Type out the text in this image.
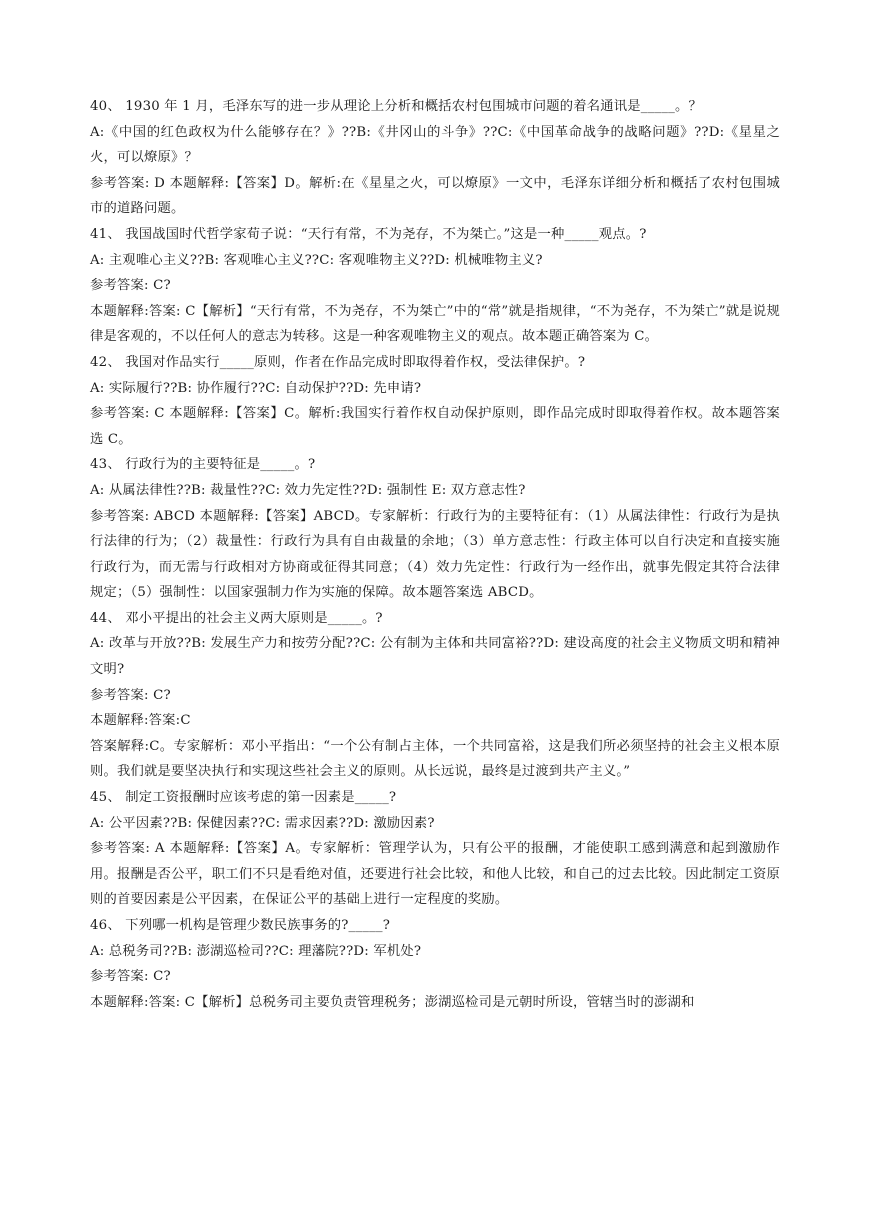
40、 1930 年 1 月，毛泽东写的进一步从理论上分析和概括农村包围城市问题的着名通讯是_____。？

A:《中国的红色政权为什么能够存在？》??B:《井冈山的斗争》??C:《中国革命战争的战略问题》??D:《星星之火，可以燎原》？

参考答案: D 本题解释:【答案】D。解析:在《星星之火，可以燎原》一文中，毛泽东详细分析和概括了农村包围城市的道路问题。

41、 我国战国时代哲学家荀子说：“天行有常，不为尧存，不为桀亡。”这是一种_____观点。?

A: 主观唯心主义??B: 客观唯心主义??C: 客观唯物主义??D: 机械唯物主义?

参考答案: C?

本题解释:答案: C【解析】“天行有常，不为尧存，不为桀亡”中的“常”就是指规律，“不为尧存，不为桀亡”就是说规律是客观的，不以任何人的意志为转移。这是一种客观唯物主义的观点。故本题正确答案为 C。

42、 我国对作品实行_____原则，作者在作品完成时即取得着作权，受法律保护。?

A: 实际履行??B: 协作履行??C: 自动保护??D: 先申请?

参考答案: C 本题解释:【答案】C。解析:我国实行着作权自动保护原则，即作品完成时即取得着作权。故本题答案选 C。

43、 行政行为的主要特征是_____。?

A: 从属法律性??B: 裁量性??C: 效力先定性??D: 强制性 E: 双方意志性?

参考答案: ABCD 本题解释:【答案】ABCD。专家解析：行政行为的主要特征有：（1）从属法律性：行政行为是执行法律的行为；（2）裁量性：行政行为具有自由裁量的余地；（3）单方意志性：行政主体可以自行决定和直接实施行政行为，而无需与行政相对方协商或征得其同意；（4）效力先定性：行政行为一经作出，就事先假定其符合法律规定；（5）强制性：以国家强制力作为实施的保障。故本题答案选 ABCD。

44、 邓小平提出的社会主义两大原则是_____。?

A: 改革与开放??B: 发展生产力和按劳分配??C: 公有制为主体和共同富裕??D: 建设高度的社会主义物质文明和精神文明?

参考答案: C?

本题解释:答案:C

答案解释:C。专家解析：邓小平指出：“一个公有制占主体，一个共同富裕，这是我们所必须坚持的社会主义根本原则。我们就是要坚决执行和实现这些社会主义的原则。从长远说，最终是过渡到共产主义。”

45、 制定工资报酬时应该考虑的第一因素是_____?

A: 公平因素??B: 保健因素??C: 需求因素??D: 激励因素?

参考答案: A 本题解释:【答案】A。专家解析：管理学认为，只有公平的报酬，才能使职工感到满意和起到激励作用。报酬是否公平，职工们不只是看绝对值，还要进行社会比较，和他人比较，和自己的过去比较。因此制定工资原则的首要因素是公平因素，在保证公平的基础上进行一定程度的奖励。

46、 下列哪一机构是管理少数民族事务的?_____?

A: 总税务司??B: 澎湖巡检司??C: 理藩院??D: 军机处?

参考答案: C?

本题解释:答案: C【解析】总税务司主要负责管理税务；澎湖巡检司是元朝时所设，管辖当时的澎湖和
